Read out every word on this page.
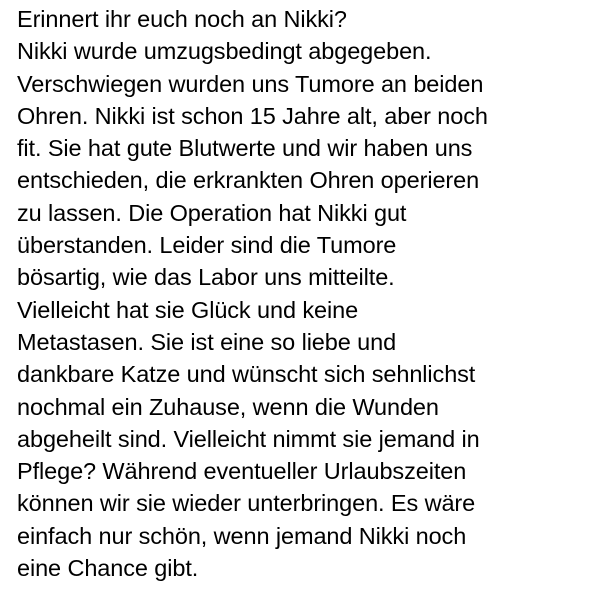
Erinnert ihr euch noch an Nikki?
Nikki wurde umzugsbedingt abgegeben.
Verschwiegen wurden uns Tumore an beiden
Ohren. Nikki ist schon 15 Jahre alt, aber noch
fit. Sie hat gute Blutwerte und wir haben uns
entschieden, die erkrankten Ohren operieren
zu lassen. Die Operation hat Nikki gut
überstanden. Leider sind die Tumore
bösartig, wie das Labor uns mitteilte.
Vielleicht hat sie Glück und keine
Metastasen. Sie ist eine so liebe und
dankbare Katze und wünscht sich sehnlichst
nochmal ein Zuhause, wenn die Wunden
abgeheilt sind. Vielleicht nimmt sie jemand in
Pflege? Während eventueller Urlaubszeiten
können wir sie wieder unterbringen. Es wäre
einfach nur schön, wenn jemand Nikki noch
eine Chance gibt.
